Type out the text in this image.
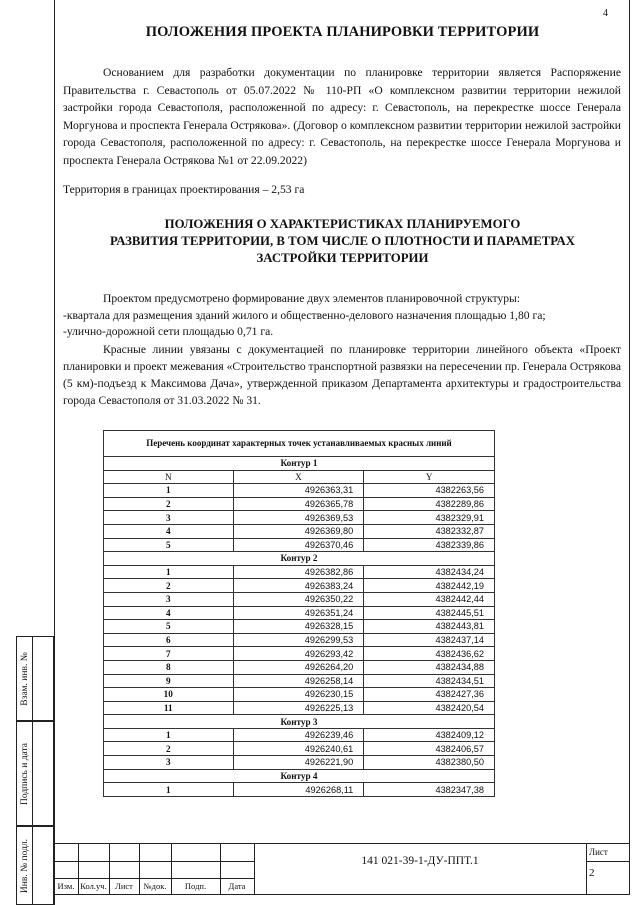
4
ПОЛОЖЕНИЯ ПРОЕКТА ПЛАНИРОВКИ ТЕРРИТОРИИ
Основанием для разработки документации по планировке территории является Распоряжение Правительства г. Севастополь от 05.07.2022 № 110-РП «О комплексном развитии территории нежилой застройки города Севастополя, расположенной по адресу: г. Севастополь, на перекрестке шоссе Генерала Моргунова и проспекта Генерала Острякова». (Договор о комплексном развитии территории нежилой застройки города Севастополя, расположенной по адресу: г. Севастополь, на перекрестке шоссе Генерала Моргунова и проспекта Генерала Острякова №1 от 22.09.2022)
Территория в границах проектирования – 2,53 га
ПОЛОЖЕНИЯ О ХАРАКТЕРИСТИКАХ ПЛАНИРУЕМОГО
РАЗВИТИЯ ТЕРРИТОРИИ, В ТОМ ЧИСЛЕ О ПЛОТНОСТИ И ПАРАМЕТРАХ
ЗАСТРОЙКИ ТЕРРИТОРИИ
Проектом предусмотрено формирование двух элементов планировочной структуры:
-квартала для размещения зданий жилого и общественно-делового назначения площадью 1,80 га;
-улично-дорожной сети площадью 0,71 га.
Красные линии увязаны с документацией по планировке территории линейного объекта «Проект планировки и проект межевания «Строительство транспортной развязки на пересечении пр. Генерала Острякова (5 км)-подъезд к Максимова Дача», утвержденной приказом Департамента архитектуры и градостроительства города Севастополя от 31.03.2022 № 31.
Перечень координат характерных точек устанавливаемых красных линий		
Контур 1		
N	X	Y
1	4926363,31	4382263,56
2	4926365,78	4382289,86
3	4926369,53	4382329,91
4	4926369,80	4382332,87
5	4926370,46	4382339,86
Контур 2		
1	4926382,86	4382434,24
2	4926383,24	4382442,19
3	4926350,22	4382442,44
4	4926351,24	4382445,51
5	4926328,15	4382443,81
6	4926299,53	4382437,14
7	4926293,42	4382436,62
8	4926264,20	4382434,88
9	4926258,14	4382434,51
10	4926230,15	4382427,36
11	4926225,13	4382420,54
Контур 3		
1	4926239,46	4382409,12
2	4926240,61	4382406,57
3	4926221,90	4382380,50
Контур 4		
1	4926268,11	4382347,38
Взам. инв. №
Подпись и дата
Инв. № подл.	Изм. Кол.уч. Лист	№док.	Подп.	Дата
141 021-39-1-ДУ-ППТ.1
Лист
2
